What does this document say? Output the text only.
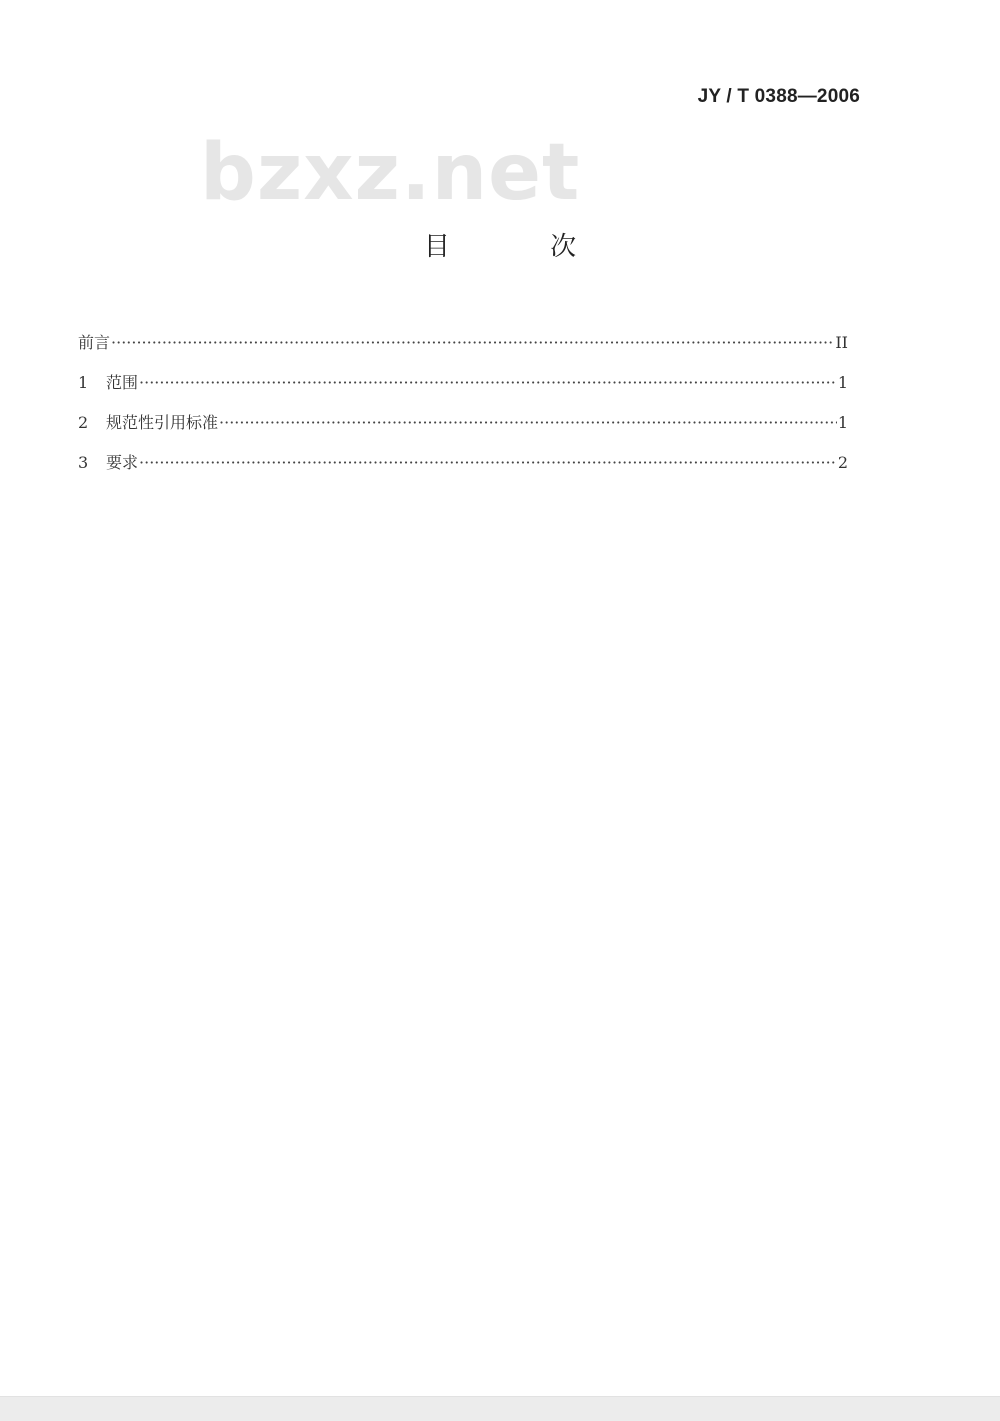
JY / T 0388—2006
bzxz.net
目 次
前言 ·····	II
1	范围 ·····	1
2	规范性引用标准 ·····	1
3	要求 ·····	2
